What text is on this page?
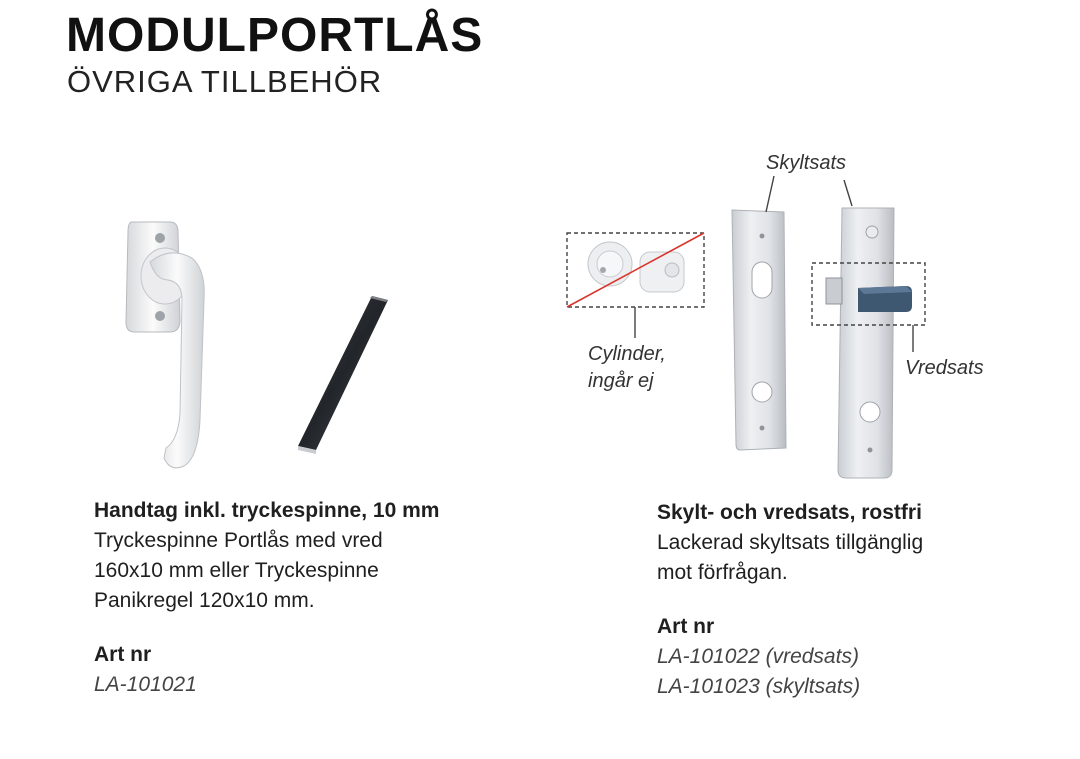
MODULPORTLÅS
ÖVRIGA TILLBEHÖR
Skyltsats
Cylinder,
ingår ej
Vredsats
Handtag inkl. tryckespinne, 10 mm
Tryckespinne Portlås med vred
160x10 mm eller Tryckespinne
Panikregel 120x10 mm.
Art nr
LA-101021
Skylt- och vredsats, rostfri
Lackerad skyltsats tillgänglig
mot förfrågan.
Art nr
LA-101022 (vredsats)
LA-101023 (skyltsats)
